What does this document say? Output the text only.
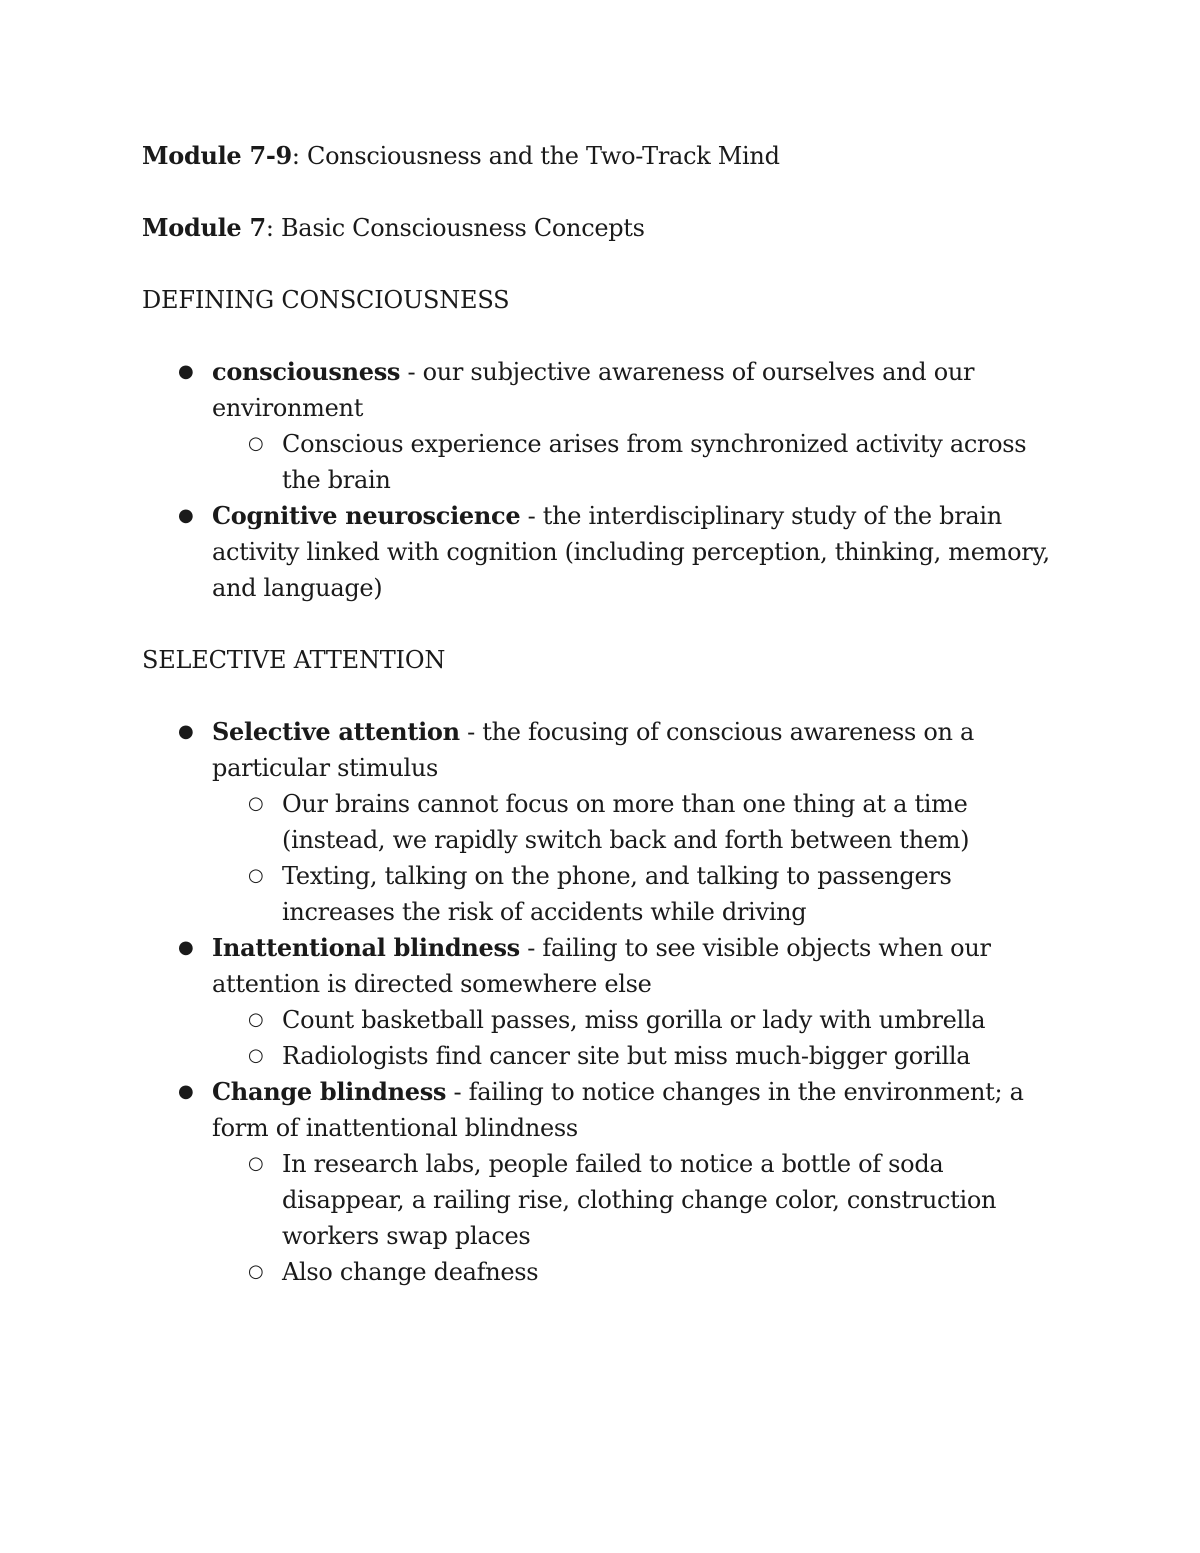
Module 7-9: Consciousness and the Two-Track Mind

Module 7: Basic Consciousness Concepts

DEFINING CONSCIOUSNESS

● consciousness - our subjective awareness of ourselves and our environment
○ Conscious experience arises from synchronized activity across the brain
● Cognitive neuroscience - the interdisciplinary study of the brain activity linked with cognition (including perception, thinking, memory, and language)

SELECTIVE ATTENTION

● Selective attention - the focusing of conscious awareness on a particular stimulus
○ Our brains cannot focus on more than one thing at a time (instead, we rapidly switch back and forth between them)
○ Texting, talking on the phone, and talking to passengers increases the risk of accidents while driving
● Inattentional blindness - failing to see visible objects when our attention is directed somewhere else
○ Count basketball passes, miss gorilla or lady with umbrella
○ Radiologists find cancer site but miss much-bigger gorilla
● Change blindness - failing to notice changes in the environment; a form of inattentional blindness
○ In research labs, people failed to notice a bottle of soda disappear, a railing rise, clothing change color, construction workers swap places
○ Also change deafness
